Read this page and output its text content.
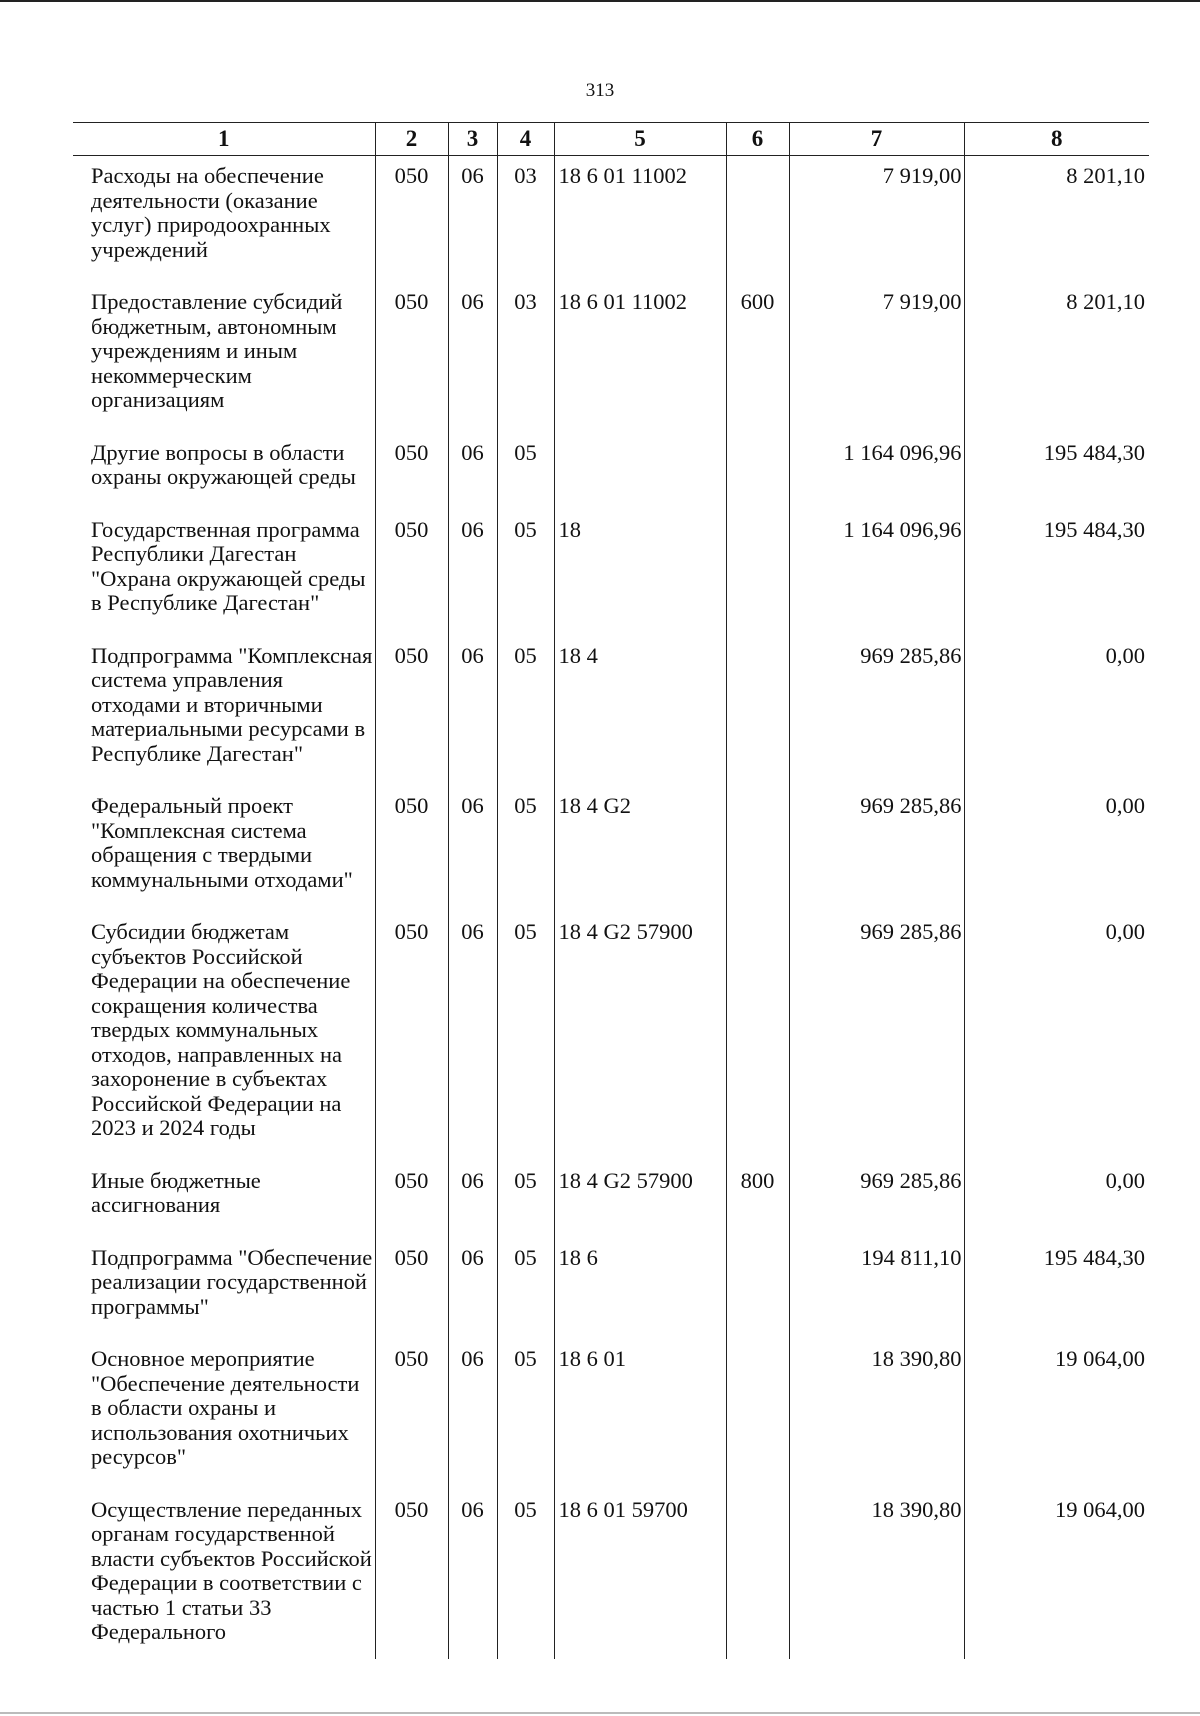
313
1	2	3	4	5	6	7	8
Расходы на обеспечение деятельности (оказание услуг) природоохранных учреждений	050	06	03	18 6 01 11002		7 919,00	8 201,10
Предоставление субсидий бюджетным, автономным учреждениям и иным некоммерческим организациям	050	06	03	18 6 01 11002	600	7 919,00	8 201,10
Другие вопросы в области охраны окружающей среды	050	06	05			1 164 096,96	195 484,30
Государственная программа Республики Дагестан "Охрана окружающей среды в Республике Дагестан"	050	06	05	18		1 164 096,96	195 484,30
Подпрограмма "Комплексная система управления отходами и вторичными материальными ресурсами в Республике Дагестан"	050	06	05	18 4		969 285,86	0,00
Федеральный проект "Комплексная система обращения с твердыми коммунальными отходами"	050	06	05	18 4 G2		969 285,86	0,00
Субсидии бюджетам субъектов Российской Федерации на обеспечение сокращения количества твердых коммунальных отходов, направленных на захоронение в субъектах Российской Федерации на 2023 и 2024 годы	050	06	05	18 4 G2 57900		969 285,86	0,00
Иные бюджетные ассигнования	050	06	05	18 4 G2 57900	800	969 285,86	0,00
Подпрограмма "Обеспечение реализации государственной программы"	050	06	05	18 6		194 811,10	195 484,30
Основное мероприятие "Обеспечение деятельности в области охраны и использования охотничьих ресурсов"	050	06	05	18 6 01		18 390,80	19 064,00
Осуществление переданных органам государственной власти субъектов Российской Федерации в соответствии с частью 1 статьи 33 Федерального	050	06	05	18 6 01 59700		18 390,80	19 064,00
